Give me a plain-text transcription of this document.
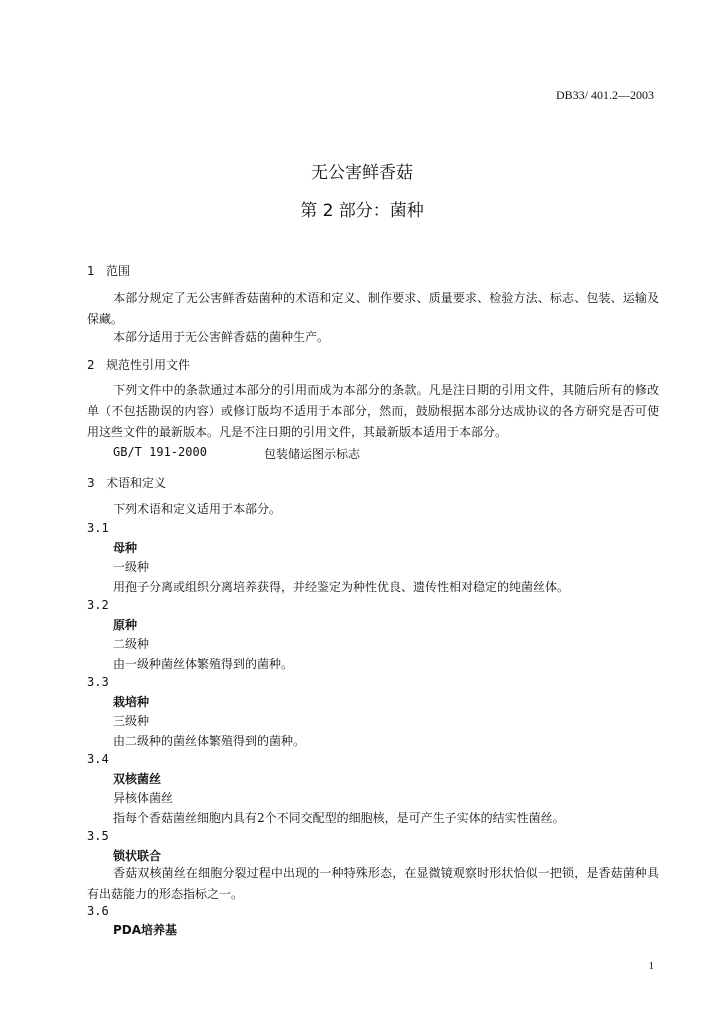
DB33/ 401.2—2003
无公害鲜香菇
第 2 部分：菌种
1 范围
本部分规定了无公害鲜香菇菌种的术语和定义、制作要求、质量要求、检验方法、标志、包装、运输及保藏。
本部分适用于无公害鲜香菇的菌种生产。
2 规范性引用文件
下列文件中的条款通过本部分的引用而成为本部分的条款。凡是注日期的引用文件，其随后所有的修改单（不包括勘误的内容）或修订版均不适用于本部分，然而，鼓励根据本部分达成协议的各方研究是否可使用这些文件的最新版本。凡是不注日期的引用文件，其最新版本适用于本部分。
GB/T 191-2000	包装储运图示标志
3 术语和定义
下列术语和定义适用于本部分。
3.1
母种
一级种
用孢子分离或组织分离培养获得，并经鉴定为种性优良、遗传性相对稳定的纯菌丝体。
3.2
原种
二级种
由一级种菌丝体繁殖得到的菌种。
3.3
栽培种
三级种
由二级种的菌丝体繁殖得到的菌种。
3.4
双核菌丝
异核体菌丝
指每个香菇菌丝细胞内具有2个不同交配型的细胞核，是可产生子实体的结实性菌丝。
3.5
锁状联合
香菇双核菌丝在细胞分裂过程中出现的一种特殊形态，在显微镜观察时形状恰似一把锁，是香菇菌种具有出菇能力的形态指标之一。
3.6
PDA培养基
1
